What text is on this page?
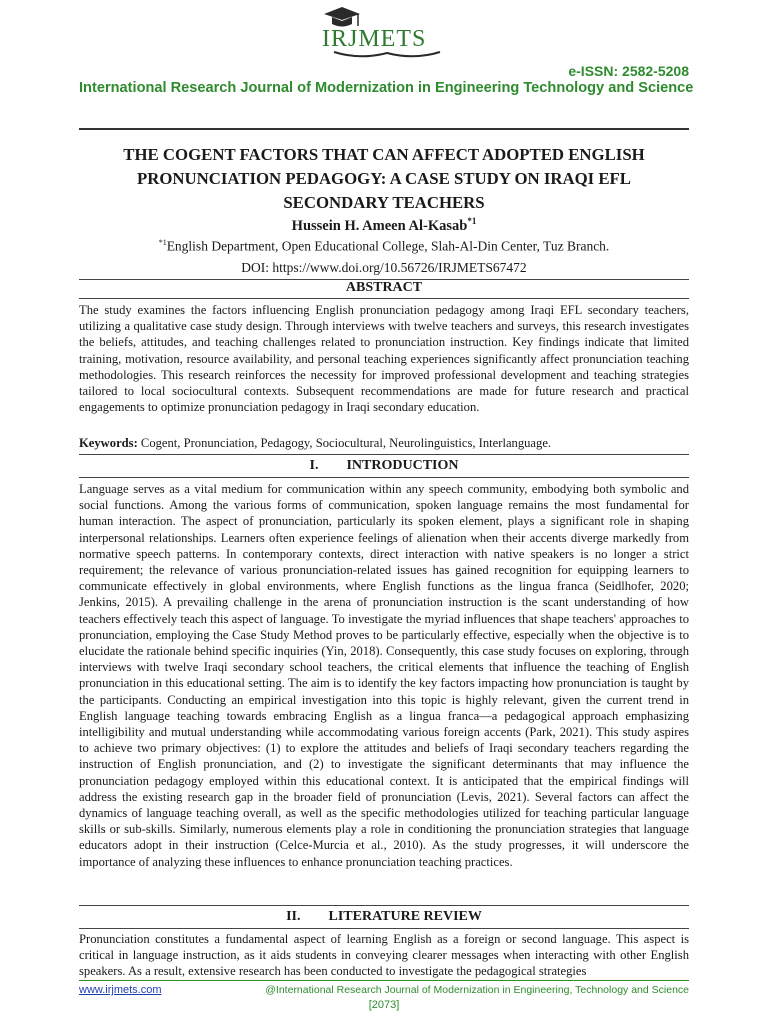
IRJMETS
e-ISSN: 2582-5208
International Research Journal of Modernization in Engineering Technology and Science
THE COGENT FACTORS THAT CAN AFFECT ADOPTED ENGLISH
PRONUNCIATION PEDAGOGY: A CASE STUDY ON IRAQI EFL
SECONDARY TEACHERS
Hussein H. Ameen Al-Kasab$^{*1}$
$^{*1}$English Department, Open Educational College, Slah-Al-Din Center, Tuz Branch.
DOI: https://www.doi.org/10.56726/IRJMETS67472
ABSTRACT

The study examines the factors influencing English pronunciation pedagogy among Iraqi EFL secondary teachers, utilizing a qualitative case study design. Through interviews with twelve teachers and surveys, this research investigates the beliefs, attitudes, and teaching challenges related to pronunciation instruction. Key findings indicate that limited training, motivation, resource availability, and personal teaching experiences significantly affect pronunciation teaching methodologies. This research reinforces the necessity for improved professional development and teaching strategies tailored to local sociocultural contexts. Subsequent recommendations are made for future research and practical engagements to optimize pronunciation pedagogy in Iraqi secondary education.

Keywords: Cogent, Pronunciation, Pedagogy, Sociocultural, Neurolinguistics, Interlanguage.
I. INTRODUCTION

Language serves as a vital medium for communication within any speech community, embodying both symbolic and social functions. Among the various forms of communication, spoken language remains the most fundamental for human interaction. The aspect of pronunciation, particularly its spoken element, plays a significant role in shaping interpersonal relationships. Learners often experience feelings of alienation when their accents diverge markedly from normative speech patterns. In contemporary contexts, direct interaction with native speakers is no longer a strict requirement; the relevance of various pronunciation-related issues has gained recognition for equipping learners to communicate effectively in global environments, where English functions as the lingua franca (Seidlhofer, 2020; Jenkins, 2015). A prevailing challenge in the arena of pronunciation instruction is the scant understanding of how teachers effectively teach this aspect of language. To investigate the myriad influences that shape teachers' approaches to pronunciation, employing the Case Study Method proves to be particularly effective, especially when the objective is to elucidate the rationale behind specific inquiries (Yin, 2018). Consequently, this case study focuses on exploring, through interviews with twelve Iraqi secondary school teachers, the critical elements that influence the teaching of English pronunciation in this educational setting. The aim is to identify the key factors impacting how pronunciation is taught by the participants. Conducting an empirical investigation into this topic is highly relevant, given the current trend in English language teaching towards embracing English as a lingua franca—a pedagogical approach emphasizing intelligibility and mutual understanding while accommodating various foreign accents (Park, 2021). This study aspires to achieve two primary objectives: (1) to explore the attitudes and beliefs of Iraqi secondary teachers regarding the instruction of English pronunciation, and (2) to investigate the significant determinants that may influence the pronunciation pedagogy employed within this educational context. It is anticipated that the empirical findings will address the existing research gap in the broader field of pronunciation (Levis, 2021). Several factors can affect the dynamics of language teaching overall, as well as the specific methodologies utilized for teaching particular language skills or sub-skills. Similarly, numerous elements play a role in conditioning the pronunciation strategies that language educators adopt in their instruction (Celce-Murcia et al., 2010). As the study progresses, it will underscore the importance of analyzing these influences to enhance pronunciation teaching practices.

II. LITERATURE REVIEW

Pronunciation constitutes a fundamental aspect of learning English as a foreign or second language. This aspect is critical in language instruction, as it aids students in conveying clearer messages when interacting with other English speakers. As a result, extensive research has been conducted to investigate the pedagogical strategies

www.irjmets.com	@International Research Journal of Modernization in Engineering, Technology and Science
[2073]
